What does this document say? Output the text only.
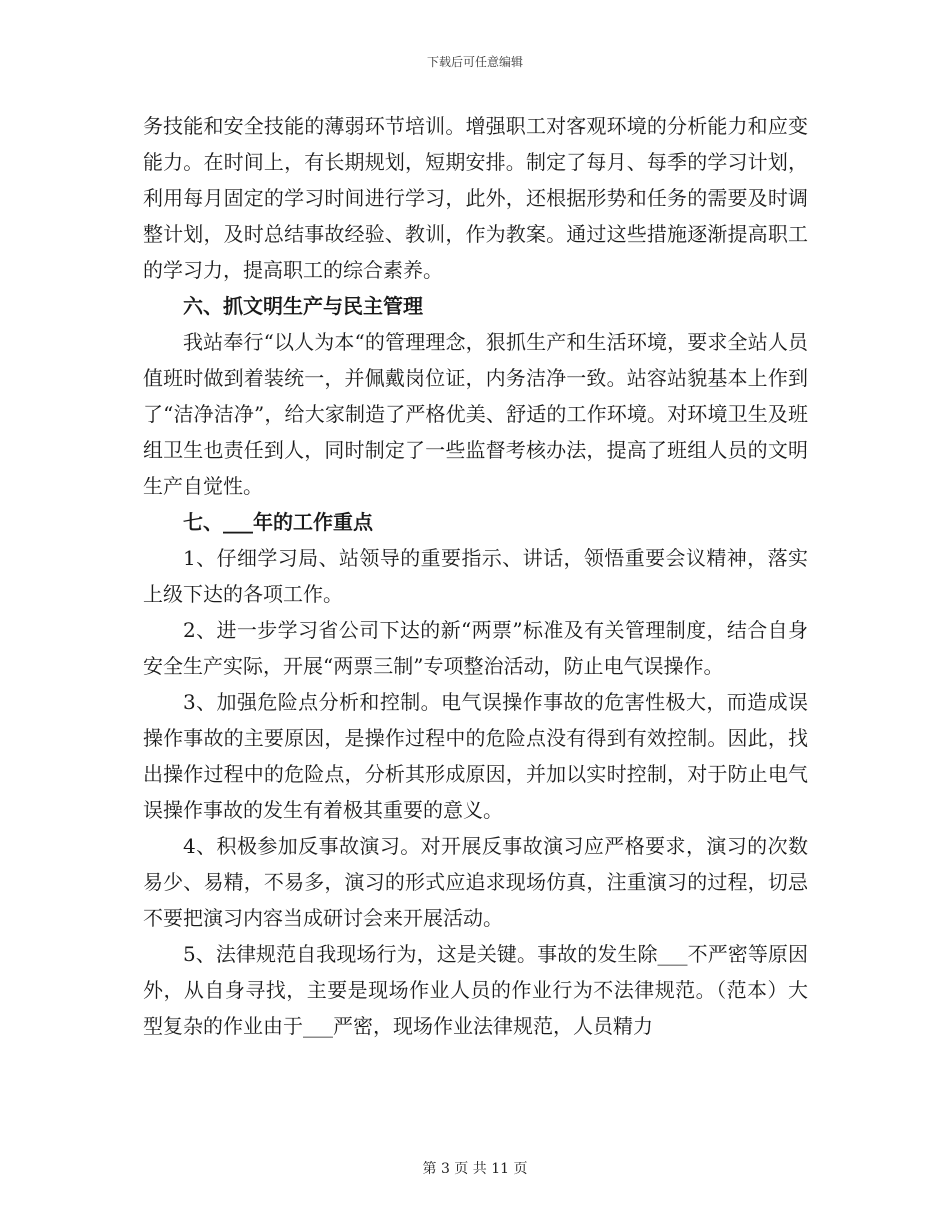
下载后可任意编辑

务技能和安全技能的薄弱环节培训。增强职工对客观环境的分析能力和应变能力。在时间上，有长期规划，短期安排。制定了每月、每季的学习计划，利用每月固定的学习时间进行学习，此外，还根据形势和任务的需要及时调整计划，及时总结事故经验、教训，作为教案。通过这些措施逐渐提高职工的学习力，提高职工的综合素养。

六、抓文明生产与民主管理

我站奉行“以人为本“的管理理念，狠抓生产和生活环境，要求全站人员值班时做到着装统一，并佩戴岗位证，内务洁净一致。站容站貌基本上作到了“洁净洁净”，给大家制造了严格优美、舒适的工作环境。对环境卫生及班组卫生也责任到人，同时制定了一些监督考核办法，提高了班组人员的文明生产自觉性。

七、___年的工作重点

1、仔细学习局、站领导的重要指示、讲话，领悟重要会议精神，落实上级下达的各项工作。

2、进一步学习省公司下达的新“两票”标准及有关管理制度，结合自身安全生产实际，开展“两票三制”专项整治活动，防止电气误操作。

3、加强危险点分析和控制。电气误操作事故的危害性极大，而造成误操作事故的主要原因，是操作过程中的危险点没有得到有效控制。因此，找出操作过程中的危险点，分析其形成原因，并加以实时控制，对于防止电气误操作事故的发生有着极其重要的意义。

4、积极参加反事故演习。对开展反事故演习应严格要求，演习的次数易少、易精，不易多，演习的形式应追求现场仿真，注重演习的过程，切忌不要把演习内容当成研讨会来开展活动。

5、法律规范自我现场行为，这是关键。事故的发生除___不严密等原因外，从自身寻找，主要是现场作业人员的作业行为不法律规范。（范本）大型复杂的作业由于___严密，现场作业法律规范，人员精力

第 3 页 共 11 页
